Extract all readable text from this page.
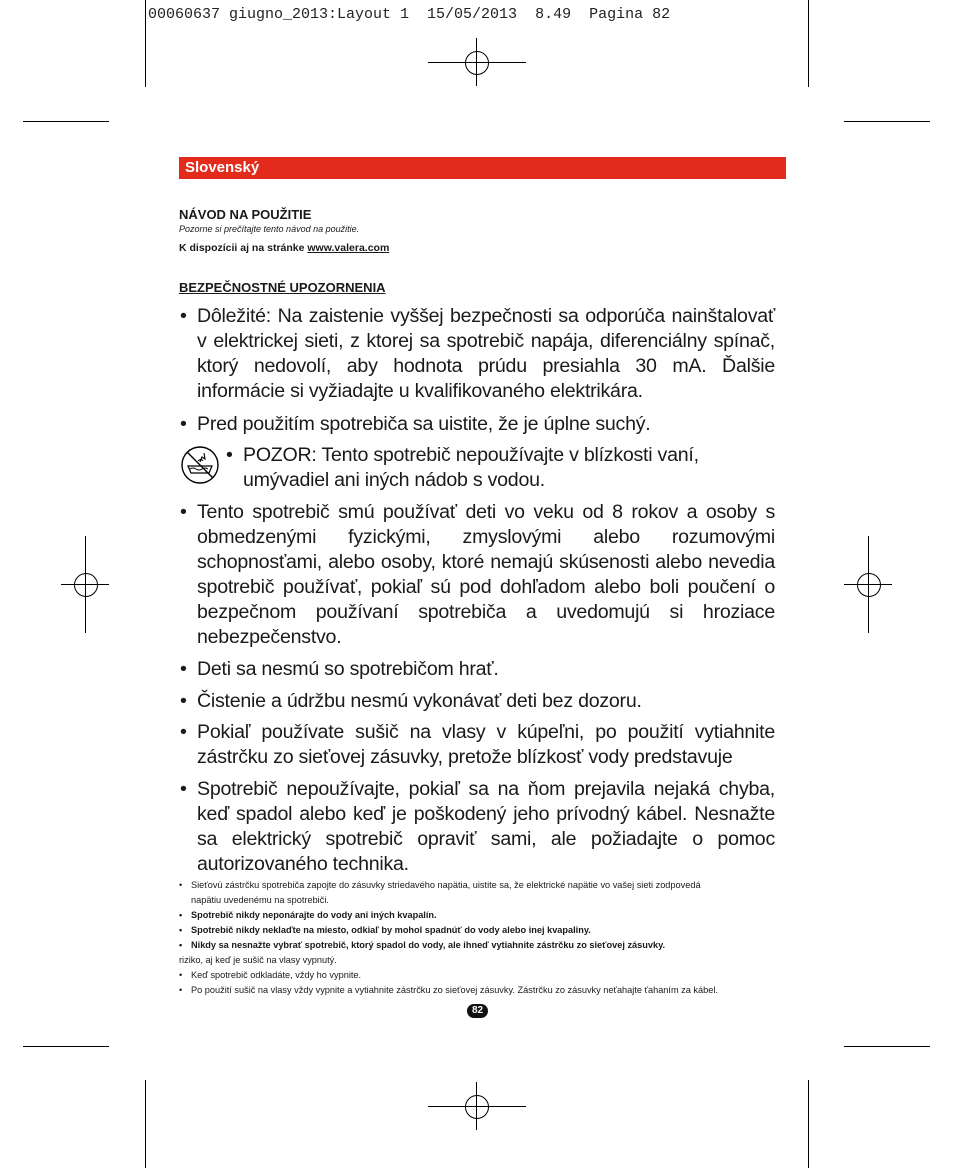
00060637 giugno_2013:Layout 1  15/05/2013  8.49  Pagina 82
Slovenský
NÁVOD NA POUŽITIE
Pozorne si prečítajte tento návod na použitie.
K dispozícii aj na stránke www.valera.com
BEZPEČNOSTNÉ UPOZORNENIA
• Dôležité: Na zaistenie vyššej bezpečnosti sa odporúča nainštalovať v elektrickej sieti, z ktorej sa spotrebič napája, diferenciálny spínač, ktorý nedovolí, aby hodnota prúdu presiahla 30 mA. Ďalšie informácie si vyžiadajte u kvalifikovaného elektrikára.
• Pred použitím spotrebiča sa uistite, že je úplne suchý.
• POZOR: Tento spotrebič nepoužívajte v blízkosti vaní, umývadiel ani iných nádob s vodou.
• Tento spotrebič smú používať deti vo veku od 8 rokov a osoby s obmedzenými fyzickými, zmyslovými alebo rozumovými schopnosťami, alebo osoby, ktoré nemajú skúsenosti alebo nevedia spotrebič používať, pokiaľ sú pod dohľadom alebo boli poučení o bezpečnom používaní spotrebiča a uvedomujú si hroziace nebezpečenstvo.
• Deti sa nesmú so spotrebičom hrať.
• Čistenie a údržbu nesmú vykonávať deti bez dozoru.
• Pokiaľ používate sušič na vlasy v kúpeľni, po použití vytiahnite zástrčku zo sieťovej zásuvky, pretože blízkosť vody predstavuje
• Spotrebič nepoužívajte, pokiaľ sa na ňom prejavila nejaká chyba, keď spadol alebo keď je poškodený jeho prívodný kábel. Nesnažte sa elektrický spotrebič opraviť sami, ale požiadajte o pomoc autorizovaného technika.
• Sieťovú zástrčku spotrebiča zapojte do zásuvky striedavého napätia, uistite sa, že elektrické napätie vo vašej sieti zodpovedá
napätiu uvedenému na spotrebiči.
• Spotrebič nikdy neponárajte do vody ani iných kvapalín.
• Spotrebič nikdy neklaďte na miesto, odkiaľ by mohol spadnúť do vody alebo inej kvapaliny.
• Nikdy sa nesnažte vybrať spotrebič, ktorý spadol do vody, ale ihneď vytiahnite zástrčku zo sieťovej zásuvky.
riziko, aj keď je sušič na vlasy vypnutý.
• Keď spotrebič odkladáte, vždy ho vypnite.
• Po použití sušič na vlasy vždy vypnite a vytiahnite zástrčku zo sieťovej zásuvky. Zástrčku zo zásuvky neťahajte ťahaním za kábel.
82
